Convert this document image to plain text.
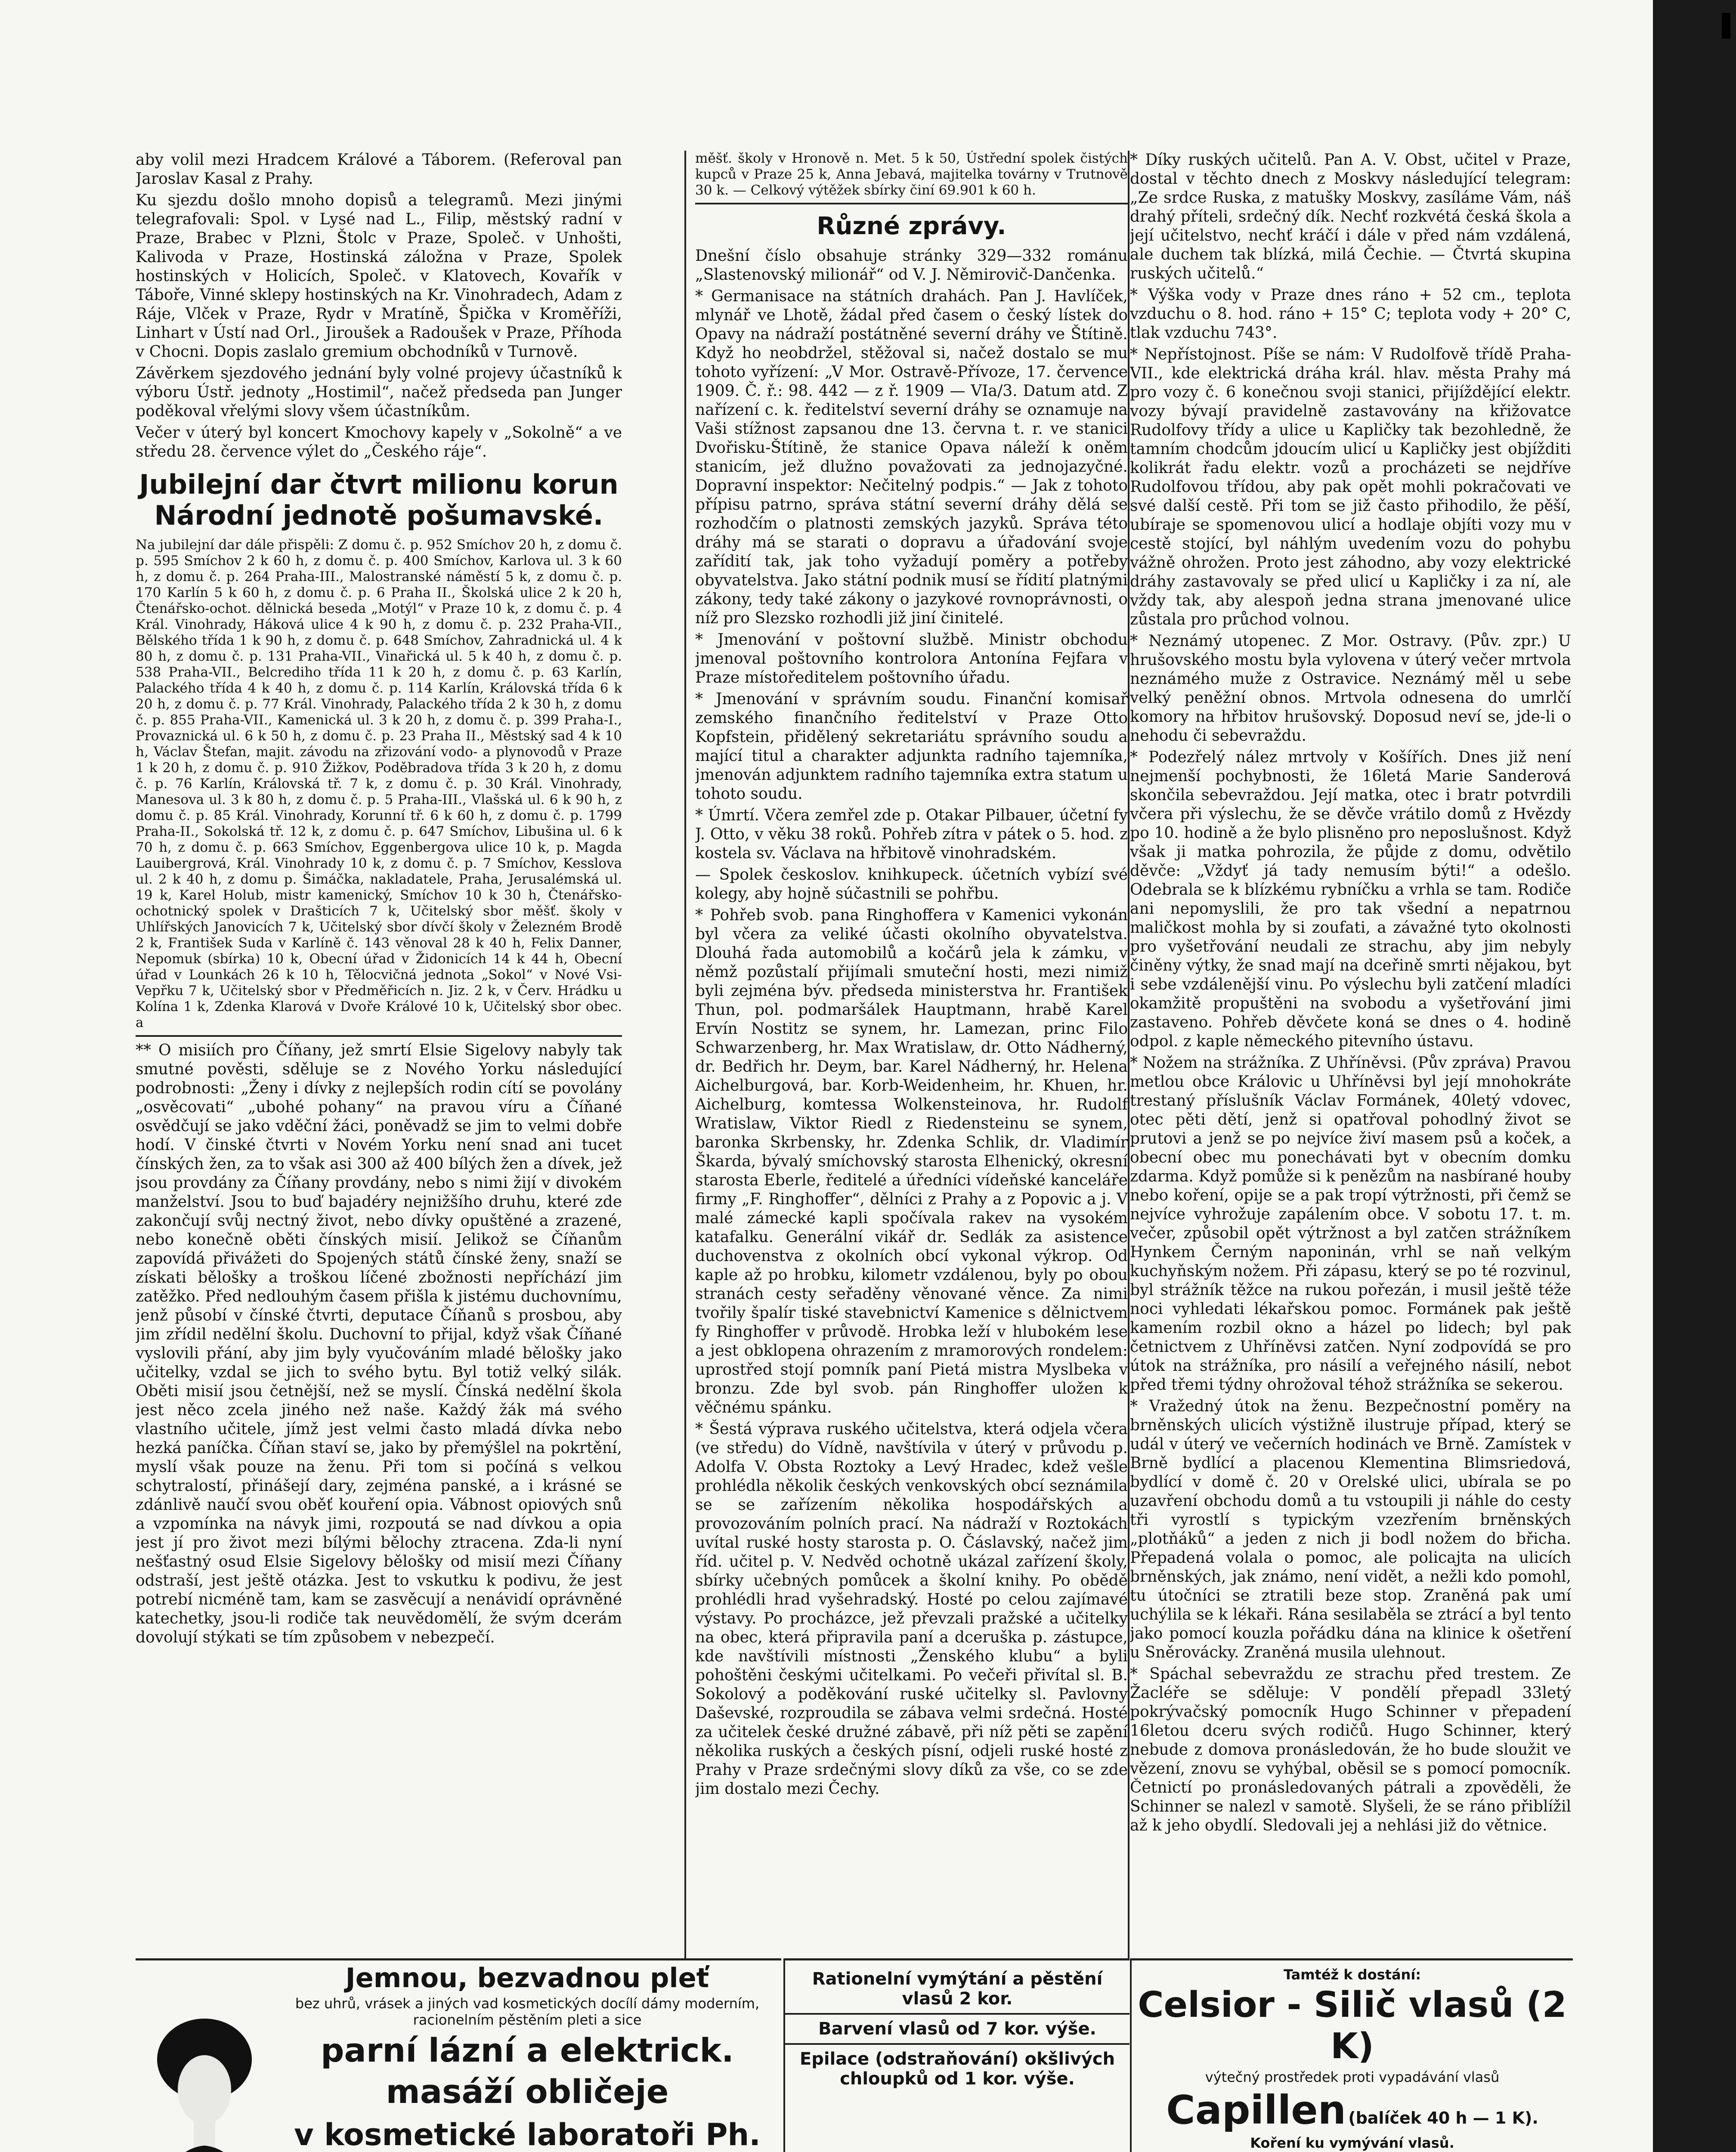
aby volil mezi Hradcem Králové a Táborem. (Referoval pan Jaroslav Kasal z Prahy.

Ku sjezdu došlo mnoho dopisů a telegramů. Mezi jinými telegrafovali: Spol. v Lysé nad L., Filip, městský radní v Praze, Brabec v Plzni, Štolc v Praze, Společ. v Unhošti, Kalivoda v Praze, Hostinská záložna v Praze, Spolek hostinských v Holicích, Společ. v Klatovech, Kovařík v Táboře, Vinné sklepy hostinských na Kr. Vinohradech, Adam z Ráje, Vlček v Praze, Rydr v Mratíně, Špička v Kroměříži, Linhart v Ústí nad Orl., Jiroušek a Radoušek v Praze, Příhoda v Chocni. Dopis zaslalo gremium obchodníků v Turnově.

Závěrkem sjezdového jednání byly volné projevy účastníků k výboru Ústř. jednoty „Hostimil“, načež předseda pan Junger poděkoval vřelými slovy všem účastníkům.

Večer v úterý byl koncert Kmochovy kapely v „Sokolně“ a ve středu 28. července výlet do „Českého ráje“.

Jubilejní dar čtvrt milionu korun Národní jednotě pošumavské.

Na jubilejní dar dále přispěli: Z domu č. p. 952 Smíchov 20 h, z domu č. p. 595 Smíchov 2 k 60 h, z domu č. p. 400 Smíchov, Karlova ul. 3 k 60 h, z domu č. p. 264 Praha-III., Malostranské náměstí 5 k, z domu č. p. 170 Karlín 5 k 60 h, z domu č. p. 6 Praha II., Školská ulice 2 k 20 h, Čtenářsko-ochot. dělnická beseda „Motýl“ v Praze 10 k, z domu č. p. 4 Král. Vinohrady, Háková ulice 4 k 90 h, z domu č. p. 232 Praha-VII., Bělského třída 1 k 90 h, z domu č. p. 648 Smíchov, Zahradnická ul. 4 k 80 h, z domu č. p. 131 Praha-VII., Vinařická ul. 5 k 40 h, z domu č. p. 538 Praha-VII., Belcrediho třída 11 k 20 h, z domu č. p. 63 Karlín, Palackého třída 4 k 40 h, z domu č. p. 114 Karlín, Královská třída 6 k 20 h, z domu č. p. 77 Král. Vinohrady, Palackého třída 2 k 30 h, z domu č. p. 855 Praha-VII., Kamenická ul. 3 k 20 h, z domu č. p. 399 Praha-I., Provaznická ul. 6 k 50 h, z domu č. p. 23 Praha II., Městský sad 4 k 10 h, Václav Štefan, majit. závodu na zřizování vodo- a plynovodů v Praze 1 k 20 h, z domu č. p. 910 Žižkov, Poděbradova třída 3 k 20 h, z domu č. p. 76 Karlín, Královská tř. 7 k, z domu č. p. 30 Král. Vinohrady, Manesova ul. 3 k 80 h, z domu č. p. 5 Praha-III., Vlašská ul. 6 k 90 h, z domu č. p. 85 Král. Vinohrady, Korunní tř. 6 k 60 h, z domu č. p. 1799 Praha-II., Sokolská tř. 12 k, z domu č. p. 647 Smíchov, Libušina ul. 6 k 70 h, z domu č. p. 663 Smíchov, Eggenbergova ulice 10 k, p. Magda Lauibergrová, Král. Vinohrady 10 k, z domu č. p. 7 Smíchov, Kesslova ul. 2 k 40 h, z domu p. Šimáčka, nakladatele, Praha, Jerusalémská ul. 19 k, Karel Holub, mistr kamenický, Smíchov 10 k 30 h, Čtenářsko-ochotnický spolek v Drašticích 7 k, Učitelský sbor měšť. školy v Uhlířských Janovicích 7 k, Učitelský sbor dívčí školy v Železném Brodě 2 k, František Suda v Karlíně č. 143 věnoval 28 k 40 h, Felix Danner, Nepomuk (sbírka) 10 k, Obecní úřad v Židonicích 14 k 44 h, Obecní úřad v Lounkách 26 k 10 h, Tělocvičná jednota „Sokol“ v Nové Vsi-Vepřku 7 k, Učitelský sbor v Předměřicích n. Jiz. 2 k, v Červ. Hrádku u Kolína 1 k, Zdenka Klarová v Dvoře Králové 10 k, Učitelský sbor obec. a

** O misiích pro Číňany, jež smrtí Elsie Sigelovy nabyly tak smutné pověsti, sděluje se z Nového Yorku následující podrobnosti: „Ženy i dívky z nejlepších rodin cítí se povolány „osvěcovati“ „ubohé pohany“ na pravou víru a Číňané osvědčují se jako vděční žáci, poněvadž se jim to velmi dobře hodí. V činské čtvrti v Novém Yorku není snad ani tucet čínských žen, za to však asi 300 až 400 bílých žen a dívek, jež jsou provdány za Číňany provdány, nebo s nimi žijí v divokém manželství. Jsou to buď bajadéry nejnižšího druhu, které zde zakončují svůj nectný život, nebo dívky opuštěné a zrazené, nebo konečně oběti čínských misií. Jelikož se Číňanům zapovídá přivážeti do Spojených států čínské ženy, snaží se získati bělošky a troškou líčené zbožnosti nepříchází jim zatěžko. Před nedlouhým časem přišla k jistému duchovnímu, jenž působí v čínské čtvrti, deputace Číňanů s prosbou, aby jim zřídil nedělní školu. Duchovní to přijal, když však Číňané vyslovili přání, aby jim byly vyučováním mladé bělošky jako učitelky, vzdal se jich to svého bytu. Byl totiž velký silák. Oběti misií jsou četnější, než se myslí. Čínská nedělní škola jest něco zcela jiného než naše. Každý žák má svého vlastního učitele, jímž jest velmi často mladá dívka nebo hezká paníčka. Číňan staví se, jako by přemýšlel na pokrtění, myslí však pouze na ženu. Při tom si počíná s velkou schytralostí, přinášejí dary, zejména panské, a i krásné se zdánlivě naučí svou oběť kouření opia. Vábnost opiových snů a vzpomínka na návyk jimi, rozpoutá se nad dívkou a opia jest jí pro život mezi bílými bělochy ztracena. Zda-li nyní nešťastný osud Elsie Sigelovy bělošky od misií mezi Číňany odstraší, jest ještě otázka. Jest to vskutku k podivu, že jest potrebí nicméně tam, kam se zasvěcují a nenávidí oprávněné katechetky, jsou-li rodiče tak neuvědomělí, že svým dcerám dovolují stýkati se tím způsobem v nebezpečí.

měšť. školy v Hronově n. Met. 5 k 50, Ústřední spolek čistých kupců v Praze 25 k, Anna Jebavá, majitelka továrny v Trutnově 30 k. — Celkový výtěžek sbírky činí 69.901 k 60 h.

Různé zprávy.

Dnešní číslo obsahuje stránky 329—332 románu „Slastenovský milionář“ od V. J. Němirovič-Dančenka.

* Germanisace na státních drahách. Pan J. Havlíček, mlynář ve Lhotě, žádal před časem o český lístek do Opavy na nádraží postátněné severní dráhy ve Štítině. Když ho neobdržel, stěžoval si, načež dostalo se mu tohoto vyřízení: „V Mor. Ostravě-Přívoze, 17. července 1909. Č. ř.: 98. 442 — z ř. 1909 — VIa/3. Datum atd. Z nařízení c. k. ředitelství severní dráhy se oznamuje na Vaši stížnost zapsanou dne 13. června t. r. ve stanici Dvořisku-Štítině, že stanice Opava náleží k oněm stanicím, jež dlužno považovati za jednojazyčné. Dopravní inspektor: Nečitelný podpis.“ — Jak z tohoto přípisu patrno, správa státní severní dráhy dělá se rozhodčím o platnosti zemských jazyků. Správa této dráhy má se starati o dopravu a úřadování svoje zařídití tak, jak toho vyžadují poměry a potřeby obyvatelstva. Jako státní podnik musí se řídití platnými zákony, tedy také zákony o jazykové rovnoprávnosti, o níž pro Slezsko rozhodli již jiní činitelé.

* Jmenování v poštovní službě. Ministr obchodu jmenoval poštovního kontrolora Antonína Fejfara v Praze místoředitelem poštovního úřadu.

* Jmenování v správním soudu. Finanční komisař zemského finančního ředitelství v Praze Otto Kopfstein, přidělený sekretariátu správního soudu a mající titul a charakter adjunkta radního tajemníka, jmenován adjunktem radního tajemníka extra statum u tohoto soudu.

* Úmrtí. Včera zemřel zde p. Otakar Pilbauer, účetní fy J. Otto, v věku 38 roků. Pohřeb zítra v pátek o 5. hod. z kostela sv. Václava na hřbitově vinohradském.

— Spolek českoslov. knihkupeck. účetních vybízí své kolegy, aby hojně súčastnili se pohřbu.

* Pohřeb svob. pana Ringhoffera v Kamenici vykonán byl včera za veliké účasti okolního obyvatelstva. Dlouhá řada automobilů a kočárů jela k zámku, v němž pozůstalí přijímali smuteční hosti, mezi nimiž byli zejména býv. předseda ministerstva hr. František Thun, pol. podmaršálek Hauptmann, hrabě Karel Ervín Nostitz se synem, hr. Lamezan, princ Filo Schwarzenberg, hr. Max Wratislaw, dr. Otto Nádherný, dr. Bedřich hr. Deym, bar. Karel Nádherný, hr. Helena Aichelburgová, bar. Korb-Weidenheim, hr. Khuen, hr. Aichelburg, komtessa Wolkensteinova, hr. Rudolf Wratislaw, Viktor Riedl z Riedensteinu se synem, baronka Skrbensky, hr. Zdenka Schlik, dr. Vladimír Škarda, bývalý smíchovský starosta Elhenický, okresní starosta Eberle, ředitelé a úředníci vídeňské kanceláře firmy „F. Ringhoffer“, dělníci z Prahy a z Popovic a j. V malé zámecké kapli spočívala rakev na vysokém katafalku. Generální vikář dr. Sedlák za asistence duchovenstva z okolních obcí vykonal výkrop. Od kaple až po hrobku, kilometr vzdálenou, byly po obou stranách cesty seřaděny věnované věnce. Za nimi tvořily špalír tiské stavebnictví Kamenice s dělnictvem fy Ringhoffer v průvodě. Hrobka leží v hlubokém lese a jest obklopena ohrazením z mramorových rondelem: uprostřed stojí pomník paní Pietá mistra Myslbeka v bronzu. Zde byl svob. pán Ringhoffer uložen k věčnému spánku.

* Šestá výprava ruského učitelstva, která odjela včera (ve středu) do Vídně, navštívila v úterý v průvodu p. Adolfa V. Obsta Roztoky a Levý Hradec, kdež vešle prohlédla několik českých venkovských obcí seznámila se se zařízením několika hospodářských a provozováním polních prací. Na nádraží v Roztokách uvítal ruské hosty starosta p. O. Čáslavský, načež jim říd. učitel p. V. Nedvěd ochotně ukázal zařízení školy, sbírky učebných pomůcek a školní knihy. Po obědě prohlédli hrad vyšehradský. Hosté po celou zajímavé výstavy. Po procházce, jež převzali pražské a učitelky na obec, která připravila paní a dceruška p. zástupce, kde navštívili místnosti „Ženského klubu“ a byli pohoštěni českými učitelkami. Po večeři přivítal sl. B. Sokolový a poděkování ruské učitelky sl. Pavlovny Daševské, rozproudila se zábava velmi srdečná. Hosté za učitelek české družné zábavě, při níž pěti se zapění několika ruských a českých písní, odjeli ruské hosté z Prahy v Praze srdečnými slovy díků za vše, co se zde jim dostalo mezi Čechy.

* Díky ruských učitelů. Pan A. V. Obst, učitel v Praze, dostal v těchto dnech z Moskvy následující telegram: „Ze srdce Ruska, z matušky Moskvy, zasíláme Vám, náš drahý příteli, srdečný dík. Nechť rozkvétá česká škola a její učitelstvo, nechť kráčí i dále v před nám vzdálená, ale duchem tak blízká, milá Čechie. — Čtvrtá skupina ruských učitelů.“

* Výška vody v Praze dnes ráno + 52 cm., teplota vzduchu o 8. hod. ráno + 15° C; teplota vody + 20° C, tlak vzduchu 743°.

* Nepřístojnost. Píše se nám: V Rudolfově třídě Praha-VII., kde elektrická dráha král. hlav. města Prahy má pro vozy č. 6 konečnou svoji stanici, přijíždějící elektr. vozy bývají pravidelně zastavovány na křižovatce Rudolfovy třídy a ulice u Kapličky tak bezohledně, že tamním chodcům jdoucím ulicí u Kapličky jest objížditi kolikrát řadu elektr. vozů a procházeti se nejdříve Rudolfovou třídou, aby pak opět mohli pokračovati ve své další cestě. Při tom se již často přihodilo, že pěší, ubíraje se spomenovou ulicí a hodlaje objíti vozy mu v cestě stojící, byl náhlým uvedením vozu do pohybu vážně ohrožen. Proto jest záhodno, aby vozy elektrické dráhy zastavovaly se před ulicí u Kapličky i za ní, ale vždy tak, aby alespoň jedna strana jmenované ulice zůstala pro průchod volnou.

* Neznámý utopenec. Z Mor. Ostravy. (Pův. zpr.) U hrušovského mostu byla vylovena v úterý večer mrtvola neznámého muže z Ostravice. Neznámý měl u sebe velký peněžní obnos. Mrtvola odnesena do umrlčí komory na hřbitov hrušovský. Doposud neví se, jde-li o nehodu či sebevraždu.

* Podezřelý nález mrtvoly v Košířích. Dnes již není nejmenší pochybnosti, že 16letá Marie Sanderová skončila sebevraždou. Její matka, otec i bratr potvrdili včera při výslechu, že se děvče vrátilo domů z Hvězdy po 10. hodině a že bylo plisněno pro neposlušnost. Když však ji matka pohrozila, že půjde z domu, odvětilo děvče: „Vždyť já tady nemusím býti!“ a odešlo. Odebrala se k blízkému rybníčku a vrhla se tam. Rodiče ani nepomyslili, že pro tak všední a nepatrnou maličkost mohla by si zoufati, a závažné tyto okolnosti pro vyšetřování neudali ze strachu, aby jim nebyly činěny výtky, že snad mají na dceřině smrti nějakou, byt i sebe vzdálenější vinu. Po výslechu byli zatčení mladíci okamžitě propuštěni na svobodu a vyšetřování jimi zastaveno. Pohřeb děvčete koná se dnes o 4. hodině odpol. z kaple německého pitevního ústavu.

* Nožem na strážníka. Z Uhříněvsi. (Pův zpráva) Pravou metlou obce Královic u Uhříněvsi byl její mnohokráte trestaný příslušník Václav Formánek, 40letý vdovec, otec pěti dětí, jenž si opatřoval pohodlný život se prutovi a jenž se po nejvíce živí masem psů a koček, a obecní obec mu ponechávati byt v obecním domku zdarma. Když pomůže si k penězům na nasbírané houby nebo koření, opije se a pak tropí výtržnosti, při čemž se nejvíce vyhrožuje zapálením obce. V sobotu 17. t. m. večer, způsobil opět výtržnost a byl zatčen strážníkem Hynkem Černým naponinán, vrhl se naň velkým kuchyňským nožem. Při zápasu, který se po té rozvinul, byl strážník těžce na rukou pořezán, i musil ještě téže noci vyhledati lékařskou pomoc. Formánek pak ještě kamením rozbil okno a házel po lidech; byl pak četnictvem z Uhříněvsi zatčen. Nyní zodpovídá se pro útok na strážníka, pro násilí a veřejného násilí, nebot před třemi týdny ohrožoval téhož strážníka se sekerou.

* Vražedný útok na ženu. Bezpečnostní poměry na brněnských ulicích výstižně ilustruje případ, který se udál v úterý ve večerních hodinách ve Brně. Zamístek v Brně bydlící a placenou Klementina Blimsriedová, bydlící v domě č. 20 v Orelské ulici, ubírala se po uzavření obchodu domů a tu vstoupili ji náhle do cesty tři vyrostlí s typickým vzezřením brněnských „plotňáků“ a jeden z nich ji bodl nožem do břicha. Přepadená volala o pomoc, ale policajta na ulicích brněnských, jak známo, není vidět, a nežli kdo pomohl, tu útočníci se ztratili beze stop. Zraněná pak umí uchýlila se k lékaři. Rána sesilaběla se ztrácí a byl tento jako pomocí kouzla pořádku dána na klinice k ošetření u Sněrovácky. Zraněná musila ulehnout.

* Spáchal sebevraždu ze strachu před trestem. Ze Žacléře se sděluje: V pondělí přepadl 33letý pokrývačský pomocník Hugo Schinner v přepadení 16letou dceru svých rodičů. Hugo Schinner, který nebude z domova pronásledován, že ho bude sloužit ve vězení, znovu se vyhýbal, oběsil se s pomocí pomocník. Četnictí po pronásledovaných pátrali a zpověděli, že Schinner se nalezl v samotě. Slyšeli, že se ráno přiblížil až k jeho obydlí. Sledovali jej a nehlási již do větnice.

Jemnou, bezvadnou pleť
bez uhrů, vrásek a jiných vad kosmetických docílí dámy moderním, racionelním pěstěním pleti a sice
parní lázní a elektrick. masáží obličeje
v kosmetické laboratoři Ph.
Rationelní vymýtání a pěstění vlasů 2 kor.
Barvení vlasů od 7 kor. výše.
Epilace (odstraňování) okšlivých chloupků od 1 kor. výše.
Tamtéž k dostání:
Celsior - Silič vlasů (2 K)
výtečný prostředek proti vypadávání vlasů
Capillen (balíček 40 h — 1 K).
Koření ku vymývání vlasů.
